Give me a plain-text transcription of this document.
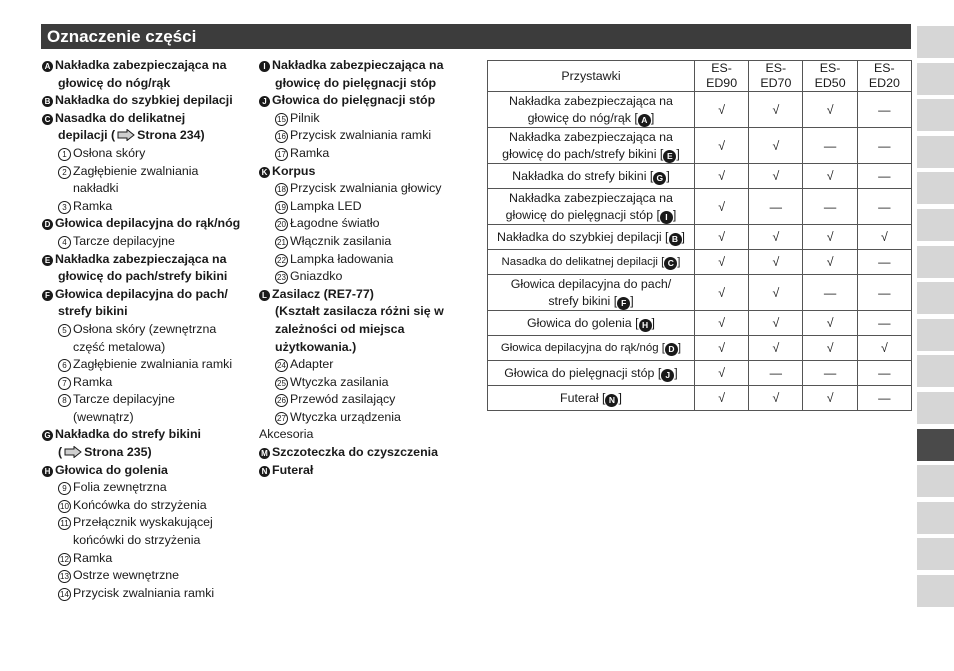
Oznaczenie części
A Nakładka zabezpieczająca na
głowicę do nóg/rąk
B Nakładka do szybkiej depilacji
C Nasadka do delikatnej
depilacji ( Strona 234)
1 Osłona skóry
2 Zagłębienie zwalniania
nakładki
3 Ramka
D Głowica depilacyjna do rąk/nóg
4 Tarcze depilacyjne
E Nakładka zabezpieczająca na
głowicę do pach/strefy bikini
F Głowica depilacyjna do pach/
strefy bikini
5 Osłona skóry (zewnętrzna
część metalowa)
6 Zagłębienie zwalniania ramki
7 Ramka
8 Tarcze depilacyjne
(wewnątrz)
G Nakładka do strefy bikini
( Strona 235)
H Głowica do golenia
9 Folia zewnętrzna
10 Końcówka do strzyżenia
11 Przełącznik wyskakującej
końcówki do strzyżenia
12 Ramka
13 Ostrze wewnętrzne
14 Przycisk zwalniania ramki
I Nakładka zabezpieczająca na
głowicę do pielęgnacji stóp
J Głowica do pielęgnacji stóp
15 Pilnik
16 Przycisk zwalniania ramki
17 Ramka
K Korpus
18 Przycisk zwalniania głowicy
19 Lampka LED
20 Łagodne światło
21 Włącznik zasilania
22 Lampka ładowania
23 Gniazdko
L Zasilacz (RE7-77)
(Kształt zasilacza różni się w
zależności od miejsca
użytkowania.)
24 Adapter
25 Wtyczka zasilania
26 Przewód zasilający
27 Wtyczka urządzenia
Akcesoria
M Szczoteczka do czyszczenia
N Futerał
Przystawki	ES-ED90	ES-ED70	ES-ED50	ES-ED20

Nakładka zabezpieczająca na
głowicę do nóg/rąk [ A ]	√	√	√	—

Nakładka zabezpieczająca na
głowicę do pach/strefy bikini [ E ]	√	√	—	—

Nakładka do strefy bikini [ G ]	√	√	√	—

Nakładka zabezpieczająca na
głowicę do pielęgnacji stóp [ I ]	√	—	—	—

Nakładka do szybkiej depilacji [ B ]	√	√	√	√

Nasadka do delikatnej depilacji [ C ]	√	√	√	—

Głowica depilacyjna do pach/
strefy bikini [ F ]	√	√	—	—

Głowica do golenia [ H ]	√	√	√	—

Głowica depilacyjna do rąk/nóg [ D ]	√	√	√	√

Głowica do pielęgnacji stóp [ J ]	√	—	—	—

Futerał [ N ]	√	√	√	—
